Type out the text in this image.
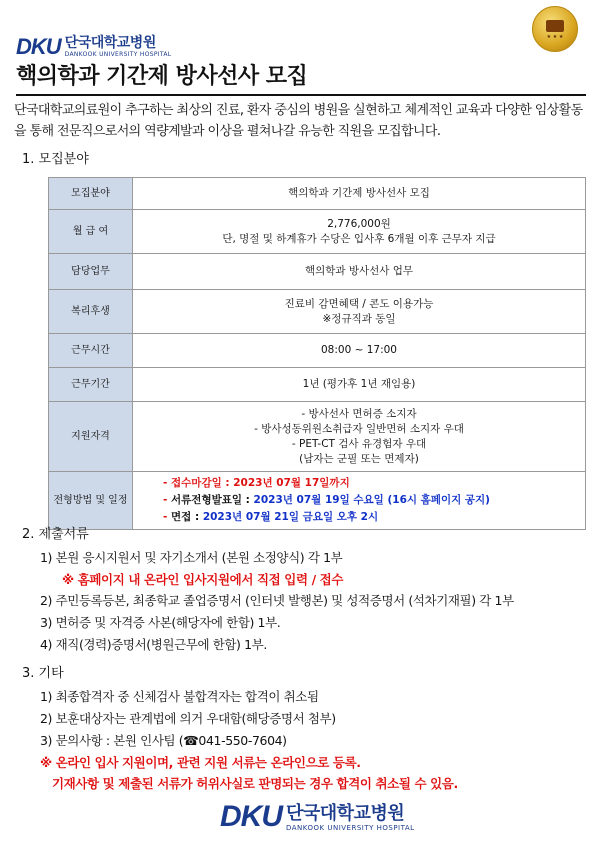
DKU 단국대학교병원
DANKOOK UNIVERSITY HOSPITAL
★ ★ ★
핵의학과 기간제 방사선사 모집
단국대학교의료원이 추구하는 최상의 진료, 환자 중심의 병원을 실현하고 체계적인 교육과 다양한 임상활동을 통해 전문직으로서의 역량계발과 이상을 펼쳐나갈 유능한 직원을 모집합니다.
1. 모집분야
모집분야	핵의학과 기간제 방사선사 모집

월 급 여	2,776,000원
단, 명절 및 하계휴가 수당은 입사후 6개월 이후 근무자 지급

담당업무	핵의학과 방사선사 업무

복리후생	진료비 감면혜택 / 콘도 이용가능
※정규직과 동일

근무시간	08:00 ~ 17:00

근무기간	1년 (평가후 1년 재임용)

지원자격	- 방사선사 면허증 소지자
- 방사성동위원소취급자 일반면허 소지자 우대
- PET-CT 검사 유경험자 우대
(남자는 군필 또는 면제자)

전형방법 및 일정	- 접수마감일 : 2023년 07월 17일까지
- 서류전형발표일 : 2023년 07월 19일 수요일 (16시 홈페이지 공지)
- 면접 : 2023년 07월 21일 금요일 오후 2시
2. 제출서류
1) 본원 응시지원서 및 자기소개서 (본원 소정양식) 각 1부
※ 홈페이지 내 온라인 입사지원에서 직접 입력 / 접수
2) 주민등록등본, 최종학교 졸업증명서 (인터넷 발행본) 및 성적증명서 (석차기재필) 각 1부
3) 면허증 및 자격증 사본(해당자에 한함) 1부.
4) 재직(경력)증명서(병원근무에 한함) 1부.
3. 기타
1) 최종합격자 중 신체검사 불합격자는 합격이 취소됨
2) 보훈대상자는 관계법에 의거 우대함(해당증명서 첨부)
3) 문의사항 : 본원 인사팀 (☎041-550-7604)
※ 온라인 입사 지원이며, 관련 지원 서류는 온라인으로 등록.
기재사항 및 제출된 서류가 허위사실로 판명되는 경우 합격이 취소될 수 있음.
DKU 단국대학교병원
DANKOOK UNIVERSITY HOSPITAL
